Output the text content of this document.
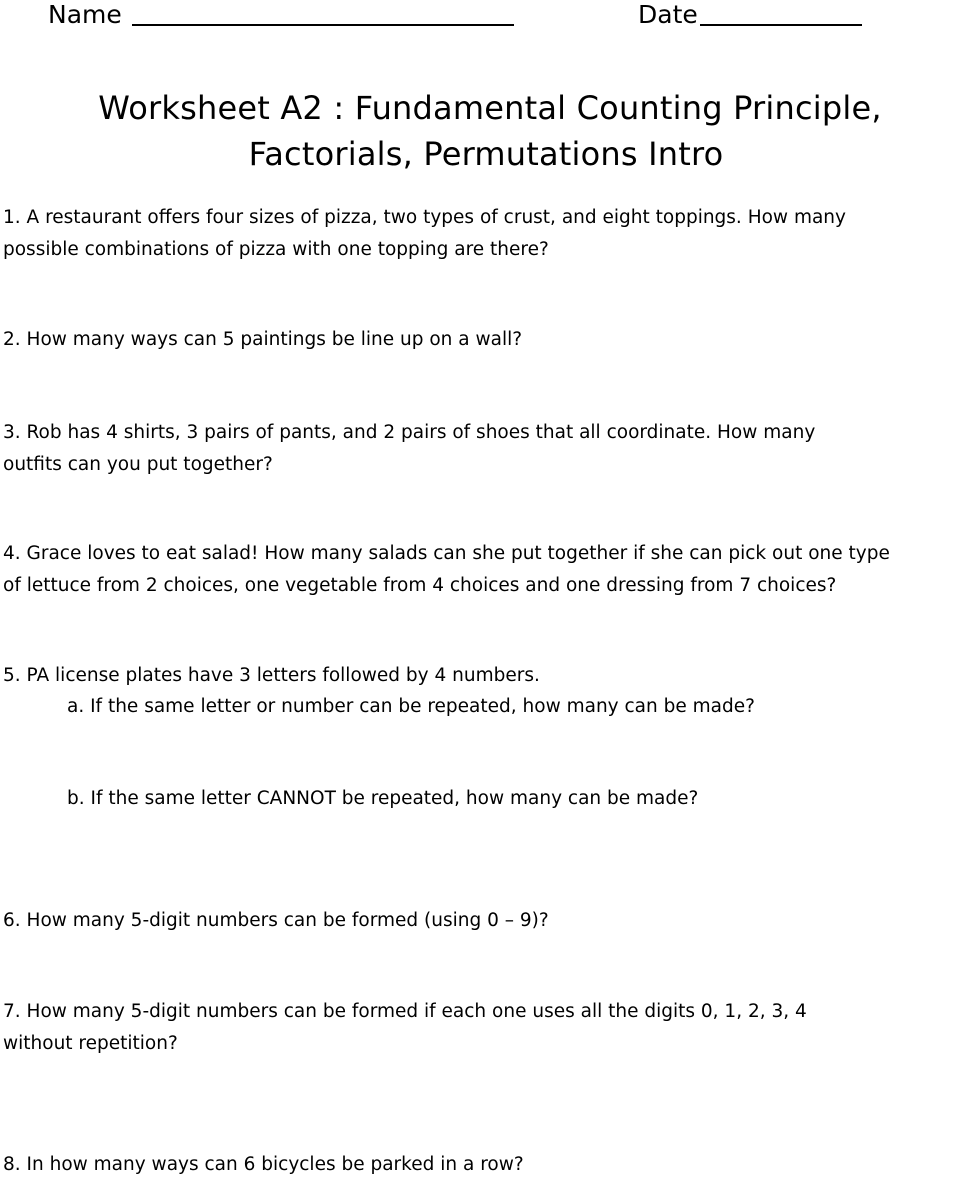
Name	Date
Worksheet A2 : Fundamental Counting Principle,
Factorials, Permutations Intro
1. A restaurant offers four sizes of pizza, two types of crust, and eight toppings. How many
possible combinations of pizza with one topping are there?
2. How many ways can 5 paintings be line up on a wall?
3. Rob has 4 shirts, 3 pairs of pants, and 2 pairs of shoes that all coordinate. How many
outfits can you put together?
4. Grace loves to eat salad! How many salads can she put together if she can pick out one type
of lettuce from 2 choices, one vegetable from 4 choices and one dressing from 7 choices?
5. PA license plates have 3 letters followed by 4 numbers.
a. If the same letter or number can be repeated, how many can be made?
b. If the same letter CANNOT be repeated, how many can be made?
6. How many 5-digit numbers can be formed (using 0 – 9)?
7. How many 5-digit numbers can be formed if each one uses all the digits 0, 1, 2, 3, 4
without repetition?
8. In how many ways can 6 bicycles be parked in a row?
